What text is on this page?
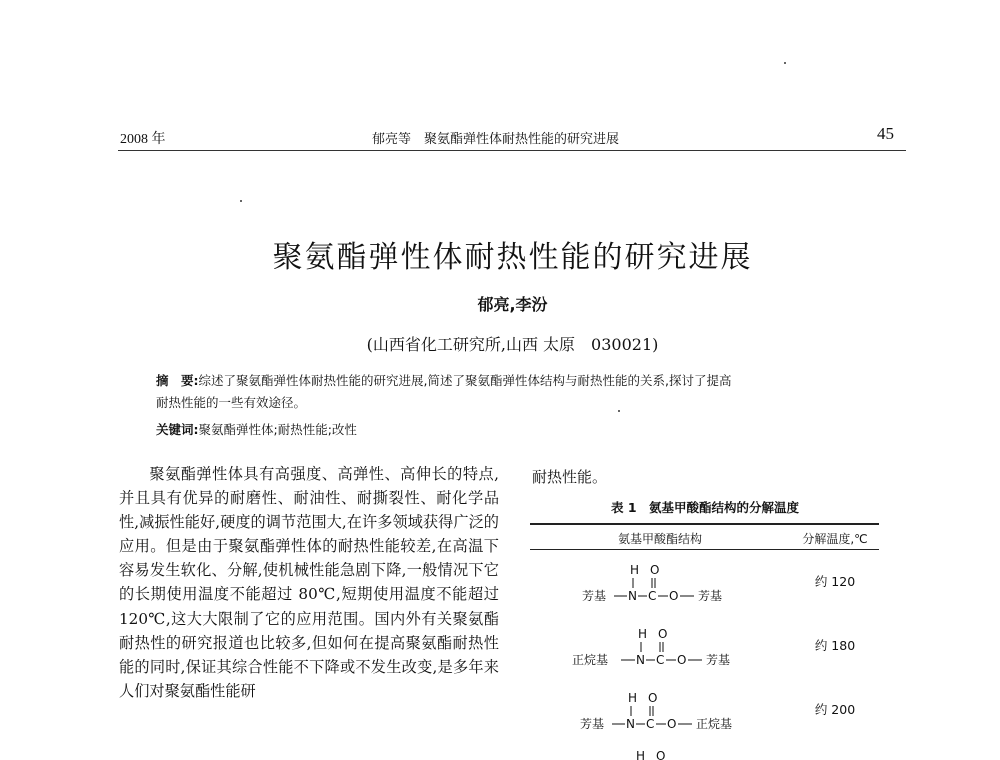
2008 年	郁亮等　聚氨酯弹性体耐热性能的研究进展	45
聚氨酯弹性体耐热性能的研究进展
郁亮,李汾
(山西省化工研究所,山西 太原　030021)
摘　要:综述了聚氨酯弹性体耐热性能的研究进展,简述了聚氨酯弹性体结构与耐热性能的关系,探讨了提高
耐热性能的一些有效途径。
关键词:聚氨酯弹性体;耐热性能;改性

聚氨酯弹性体具有高强度、高弹性、高伸长的特点,并且具有优异的耐磨性、耐油性、耐撕裂性、耐化学品性,减振性能好,硬度的调节范围大,在许多领域获得广泛的应用。但是由于聚氨酯弹性体的耐热性能较差,在高温下容易发生软化、分解,使机械性能急剧下降,一般情况下它的长期使用温度不能超过 80℃,短期使用温度不能超过120℃,这大大限制了它的应用范围。国内外有关聚氨酯耐热性的研究报道也比较多,但如何在提高聚氨酯耐热性能的同时,保证其综合性能不下降或不发生改变,是多年来人们对聚氨酯性能研

耐热性能。
表 1　氨基甲酸酯结构的分解温度
氨基甲酸酯结构	分解温度,℃
H O
芳基 N C O 芳基
约 120
H O
正烷基 N C O 芳基
约 180
H O
芳基 N C O 正烷基
约 200
H O
